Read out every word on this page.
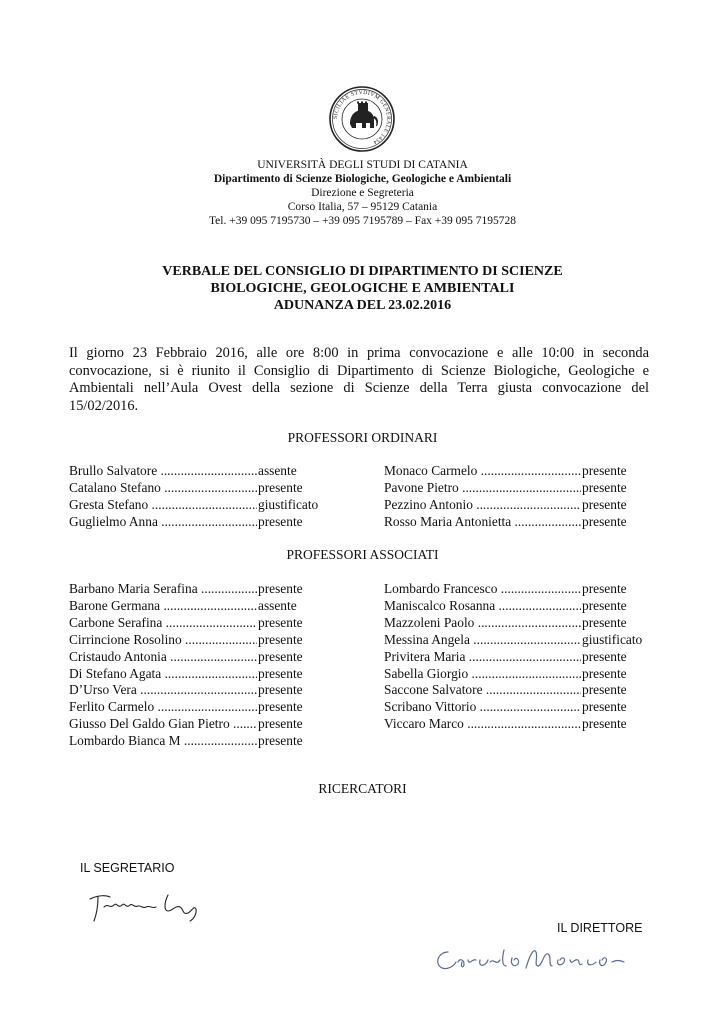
SICILIAE STVDIVM GENERALE 1434
UNIVERSITÀ DEGLI STUDI DI CATANIA
Dipartimento di Scienze Biologiche, Geologiche e Ambientali
Direzione e Segreteria
Corso Italia, 57 – 95129 Catania
Tel. +39 095 7195730 – +39 095 7195789 – Fax +39 095 7195728
VERBALE DEL CONSIGLIO DI DIPARTIMENTO DI SCIENZE
BIOLOGICHE, GEOLOGICHE E AMBIENTALI
ADUNANZA DEL 23.02.2016
Il giorno 23 Febbraio 2016, alle ore 8:00 in prima convocazione e alle 10:00 in seconda convocazione, si è riunito il Consiglio di Dipartimento di Scienze Biologiche, Geologiche e Ambientali nell’Aula Ovest della sezione di Scienze della Terra giusta convocazione del 15/02/2016.
PROFESSORI ORDINARI
Brullo Salvatore .....	assente
Catalano Stefano .....	presente
Gresta Stefano .....	giustificato
Guglielmo Anna .....	presente
Monaco Carmelo .....	presente
Pavone Pietro .....	presente
Pezzino Antonio .....	presente
Rosso Maria Antonietta .....	presente
PROFESSORI ASSOCIATI
Barbano Maria Serafina .....	presente
Barone Germana .....	assente
Carbone Serafina .....	presente
Cirrincione Rosolino .....	presente
Cristaudo Antonia .....	presente
Di Stefano Agata .....	presente
D’Urso Vera .....	presente
Ferlito Carmelo .....	presente
Giusso Del Galdo Gian Pietro .....	presente
Lombardo Bianca M .....	presente
Lombardo Francesco .....	presente
Maniscalco Rosanna .....	presente
Mazzoleni Paolo .....	presente
Messina Angela .....	giustificato
Privitera Maria .....	presente
Sabella Giorgio .....	presente
Saccone Salvatore .....	presente
Scribano Vittorio .....	presente
Viccaro Marco .....	presente
RICERCATORI
IL SEGRETARIO
IL DIRETTORE
